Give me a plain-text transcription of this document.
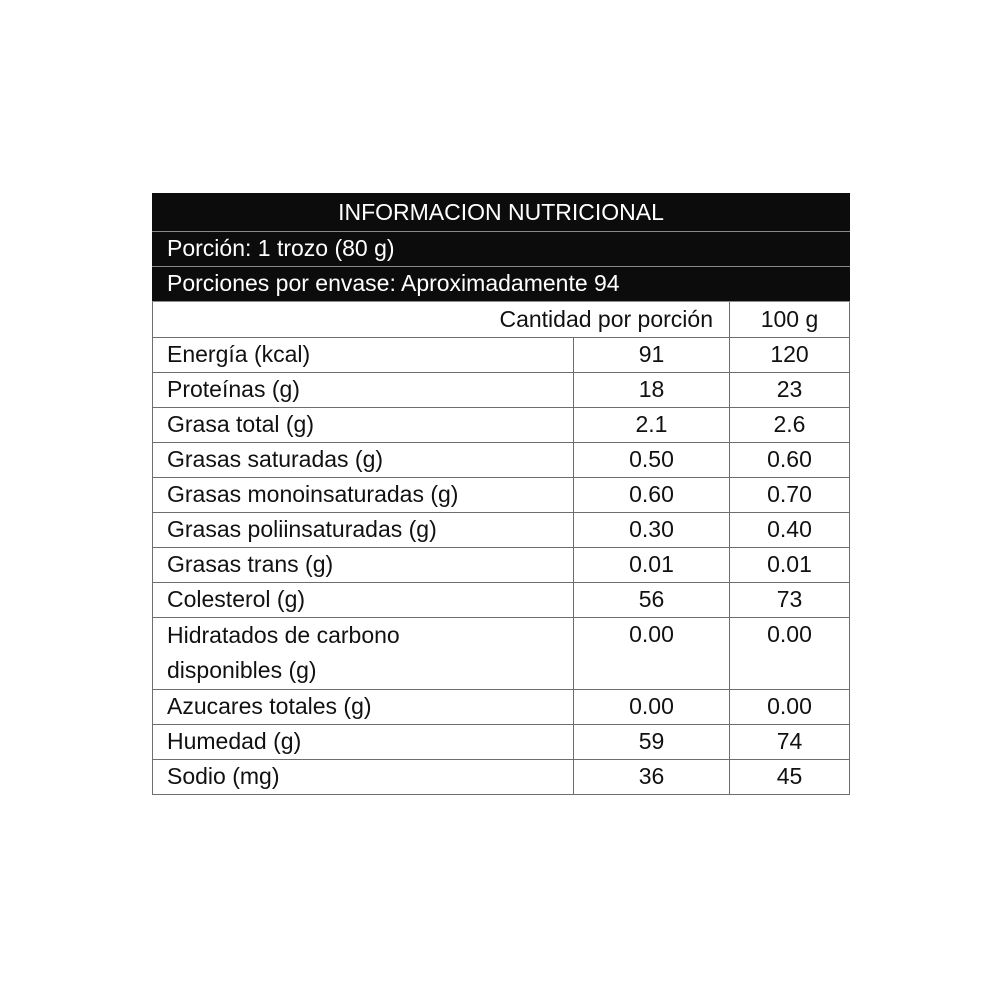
INFORMACION NUTRICIONAL		
Porción: 1 trozo (80 g)		
Porciones por envase: Aproximadamente 94		
Cantidad por porción		100 g
Energía (kcal)	91	120
Proteínas (g)	18	23
Grasa total (g)	2.1	2.6
Grasas saturadas (g)	0.50	0.60
Grasas monoinsaturadas (g)	0.60	0.70
Grasas poliinsaturadas (g)	0.30	0.40
Grasas trans (g)	0.01	0.01
Colesterol (g)	56	73
Hidratados de carbono
disponibles (g)	0.00	0.00
Azucares totales (g)	0.00	0.00
Humedad (g)	59	74
Sodio (mg)	36	45
